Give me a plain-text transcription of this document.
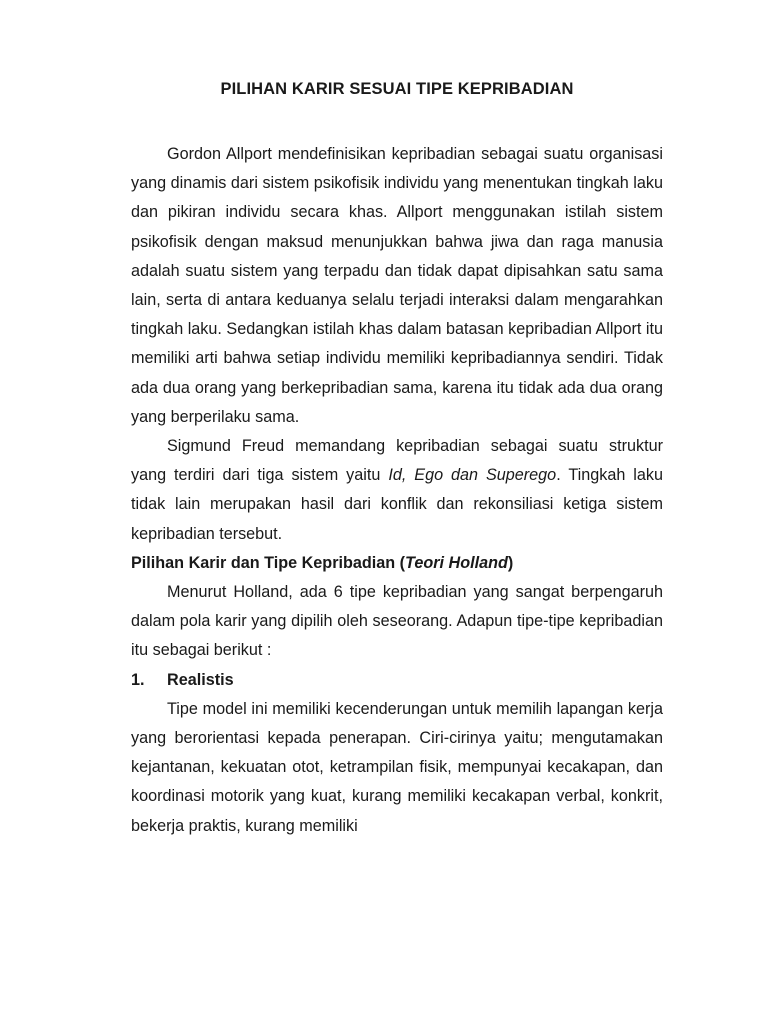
PILIHAN KARIR SESUAI TIPE KEPRIBADIAN

Gordon Allport mendefinisikan kepribadian sebagai suatu organisasi yang dinamis dari sistem psikofisik individu yang menentukan tingkah laku dan pikiran individu secara khas. Allport menggunakan istilah sistem psikofisik dengan maksud menunjukkan bahwa jiwa dan raga manusia adalah suatu sistem yang terpadu dan tidak dapat dipisahkan satu sama lain, serta di antara keduanya selalu terjadi interaksi dalam mengarahkan tingkah laku. Sedangkan istilah khas dalam batasan kepribadian Allport itu memiliki arti bahwa setiap individu memiliki kepribadiannya sendiri. Tidak ada dua orang yang berkepribadian sama, karena itu tidak ada dua orang yang berperilaku sama.

Sigmund Freud memandang kepribadian sebagai suatu struktur yang terdiri dari tiga sistem yaitu Id, Ego dan Superego. Tingkah laku tidak lain merupakan hasil dari konflik dan rekonsiliasi ketiga sistem kepribadian tersebut.

Pilihan Karir dan Tipe Kepribadian (Teori Holland)

Menurut Holland, ada 6 tipe kepribadian yang sangat berpengaruh dalam pola karir yang dipilih oleh seseorang. Adapun tipe-tipe kepribadian itu sebagai berikut :

1. Realistis

Tipe model ini memiliki kecenderungan untuk memilih lapangan kerja yang berorientasi kepada penerapan. Ciri-cirinya yaitu; mengutamakan kejantanan, kekuatan otot, ketrampilan fisik, mempunyai kecakapan, dan koordinasi motorik yang kuat, kurang memiliki kecakapan verbal, konkrit, bekerja praktis, kurang memiliki
